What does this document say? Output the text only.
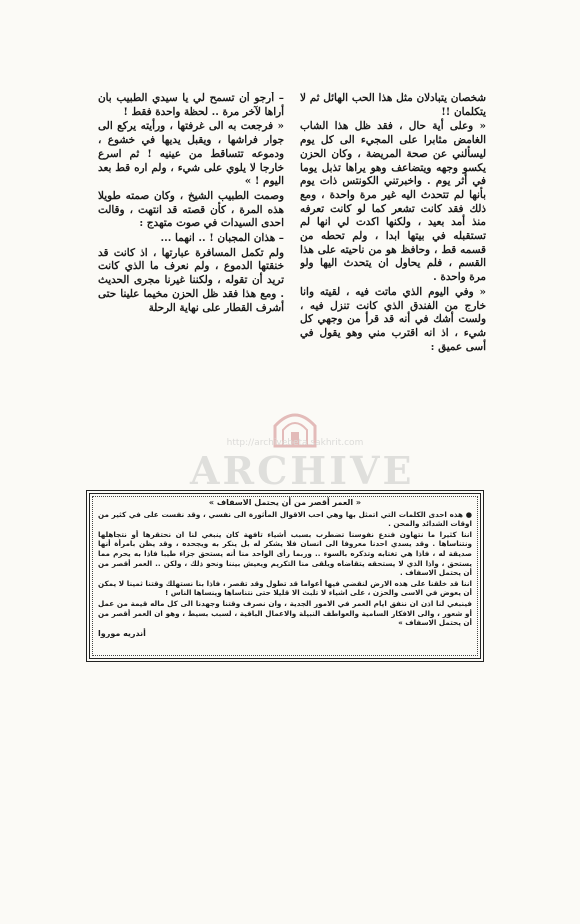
شخصان يتبادلان مثل هذا الحب الهائل ثم لا يتكلمان !!

« وعلى أية حال ، فقد ظل هذا الشاب الغامض مثابرا على المجيء الى كل يوم ليسألني عن صحة المريضة ، وكان الحزن يكسو وجهه ويتضاعف وهو يراها تذبل يوما في أثر يوم . واخبرتني الكونتس ذات يوم بأنها لم تتحدث اليه غير مرة واحدة ، ومع ذلك فقد كانت تشعر كما لو كانت تعرفه منذ أمد بعيد ، ولكنها اكدت لي انها لم تستقبله في بيتها ابدا ، ولم تحطه من قسمه قط ، وحافظ هو من ناحيته على هذا القسم ، فلم يحاول ان يتحدث اليها ولو مرة واحدة .

« وفي اليوم الذي ماتت فيه ، لقيته وانا خارج من الفندق الذي كانت تنزل فيه ، ولست أشك في أنه قد قرأ من وجهي كل شيء ، اذ انه اقترب مني وهو يقول في أسى عميق :

– أرجو أن تسمح لي يا سيدي الطبيب بأن أراها لآخر مرة .. لحظة واحدة فقط !

« فرجعت به الى غرفتها ، ورأيته يركع الى جوار فراشها ، ويقبل يديها في خشوع ، ودموعه تتساقط من عينيه ! ثم اسرع خارجا لا يلوي على شيء ، ولم اره قط بعد اليوم ! »

وصمت الطبيب الشيخ ، وكان صمته طويلا هذه المرة ، كأن قصته قد انتهت ، وقالت احدى السيدات في صوت متهدج :

– هذان المجبان ! .. انهما ...

ولم تكمل المسافرة عبارتها ، اذ كانت قد خنقتها الدموع ، ولم نعرف ما الذي كانت تريد أن تقوله ، ولكننا غيرنا مجرى الحديث . ومع هذا فقد ظل الحزن مخيما علينا حتى أشرف القطار على نهاية الرحلة

http://archivebeta.sakhrit.com
ARCHIVE
« العمر أقصر من أن يحتمل الاسفاف »

● هذه احدى الكلمات التي اتمثل بها وهي احب الاقوال المأثورة الى نفسي ، وقد نفست على في كثير من اوقات الشدائد والمحن .

اننا كثيرا ما نتهاون فندع نفوسنا تضطرب بسبب أشياء تافهة كان ينبغي لنا ان نحتقرها أو نتجاهلها ونتناساها . وقد يسدي احدنا معروفا الى انسان فلا يشكر له بل ينكر به ويجحده ، وقد يظن بامرأة أنها صديقة له ، فاذا هي تغتابه وتذكره بالسوء .. وربما رأى الواحد منا أنه يستحق جزاء طيبا فاذا به يحرم مما يستحق ، واذا الذي لا يستحقه يتقاضاه ويلقى منا التكريم ويعيش بيننا ونحو ذلك ، ولكن .. العمر أقصر من أن يحتمل الاسفاف .

اننا قد خلقنا على هذه الارض لنقضي فيها أعواما قد تطول وقد تقصر ، فاذا بنا نستهلك وقتنا ثمينا لا يمكن أن يعوض في الاسى والحزن ، على اشياء لا تلبث الا قليلا حتى نتناساها وينساها الناس !

فينبغي لنا اذن ان ننفق ايام العمر في الامور الجدية ، وان نصرف وقتنا وجهدنا الى كل ماله قيمة من عمل أو شعور ، والى الافكار السامية والعواطف النبيلة والاعمال الباقية ، لسبب بسيط ، وهو ان العمر أقصر من أن يحتمل الاسفاف »

أندريه موروا
